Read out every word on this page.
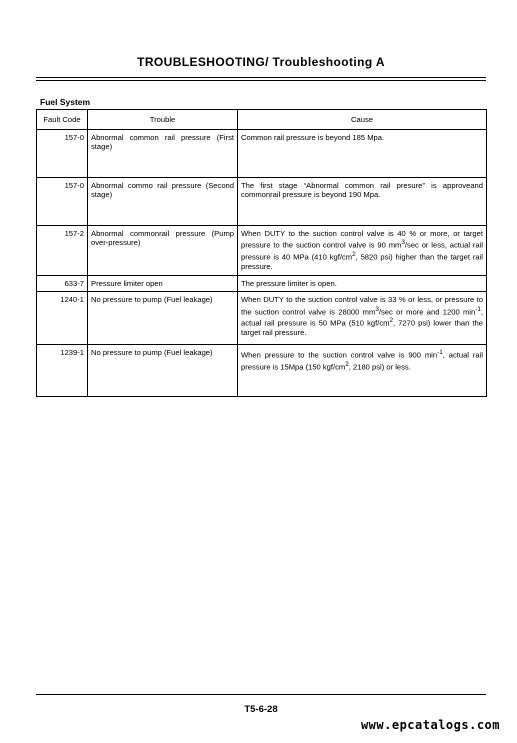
TROUBLESHOOTING/ Troubleshooting A
Fuel System
Fault Code	Trouble	Cause
157-0	Abnormal common rail pressure (First stage)	Common rail pressure is beyond 185 Mpa.
157-0	Abnormal commo rail pressure (Second stage)	The first stage “Abnormal common rail presure” is approveand commonrail pressure is beyond 190 Mpa.
157-2	Abnormal commonrail pressure (Pump over-pressure)	When DUTY to the suction control valve is 40 % or more, or target pressure to the suction control valve is 90 $mm^3/\sec$ or less, actual rail pressure is 40 MPa (410 kgf/$cm^2$, 5820 psi) higher than the target rail pressure.
633-7	Pressure limiter open	The pressure limiter is open.
1240-1	No pressure to pump (Fuel leakage)	When DUTY to the suction control valve is 33 % or less, or pressure to the suction control valve is 28000 $mm^3/\sec$ or more and 1200 $\min^{-1}$, actual rail pressure is 50 MPa (510 kgf/$cm^2$, 7270 psi) lower than the target rail pressure.
1239-1	No pressure to pump (Fuel leakage)	When pressure to the suction control valve is 900 $\min^{-1}$, actual rail pressure is 15Mpa (150 kgf/$cm^2$, 2180 psi) or less.
T5-6-28
www.epcatalogs.com
